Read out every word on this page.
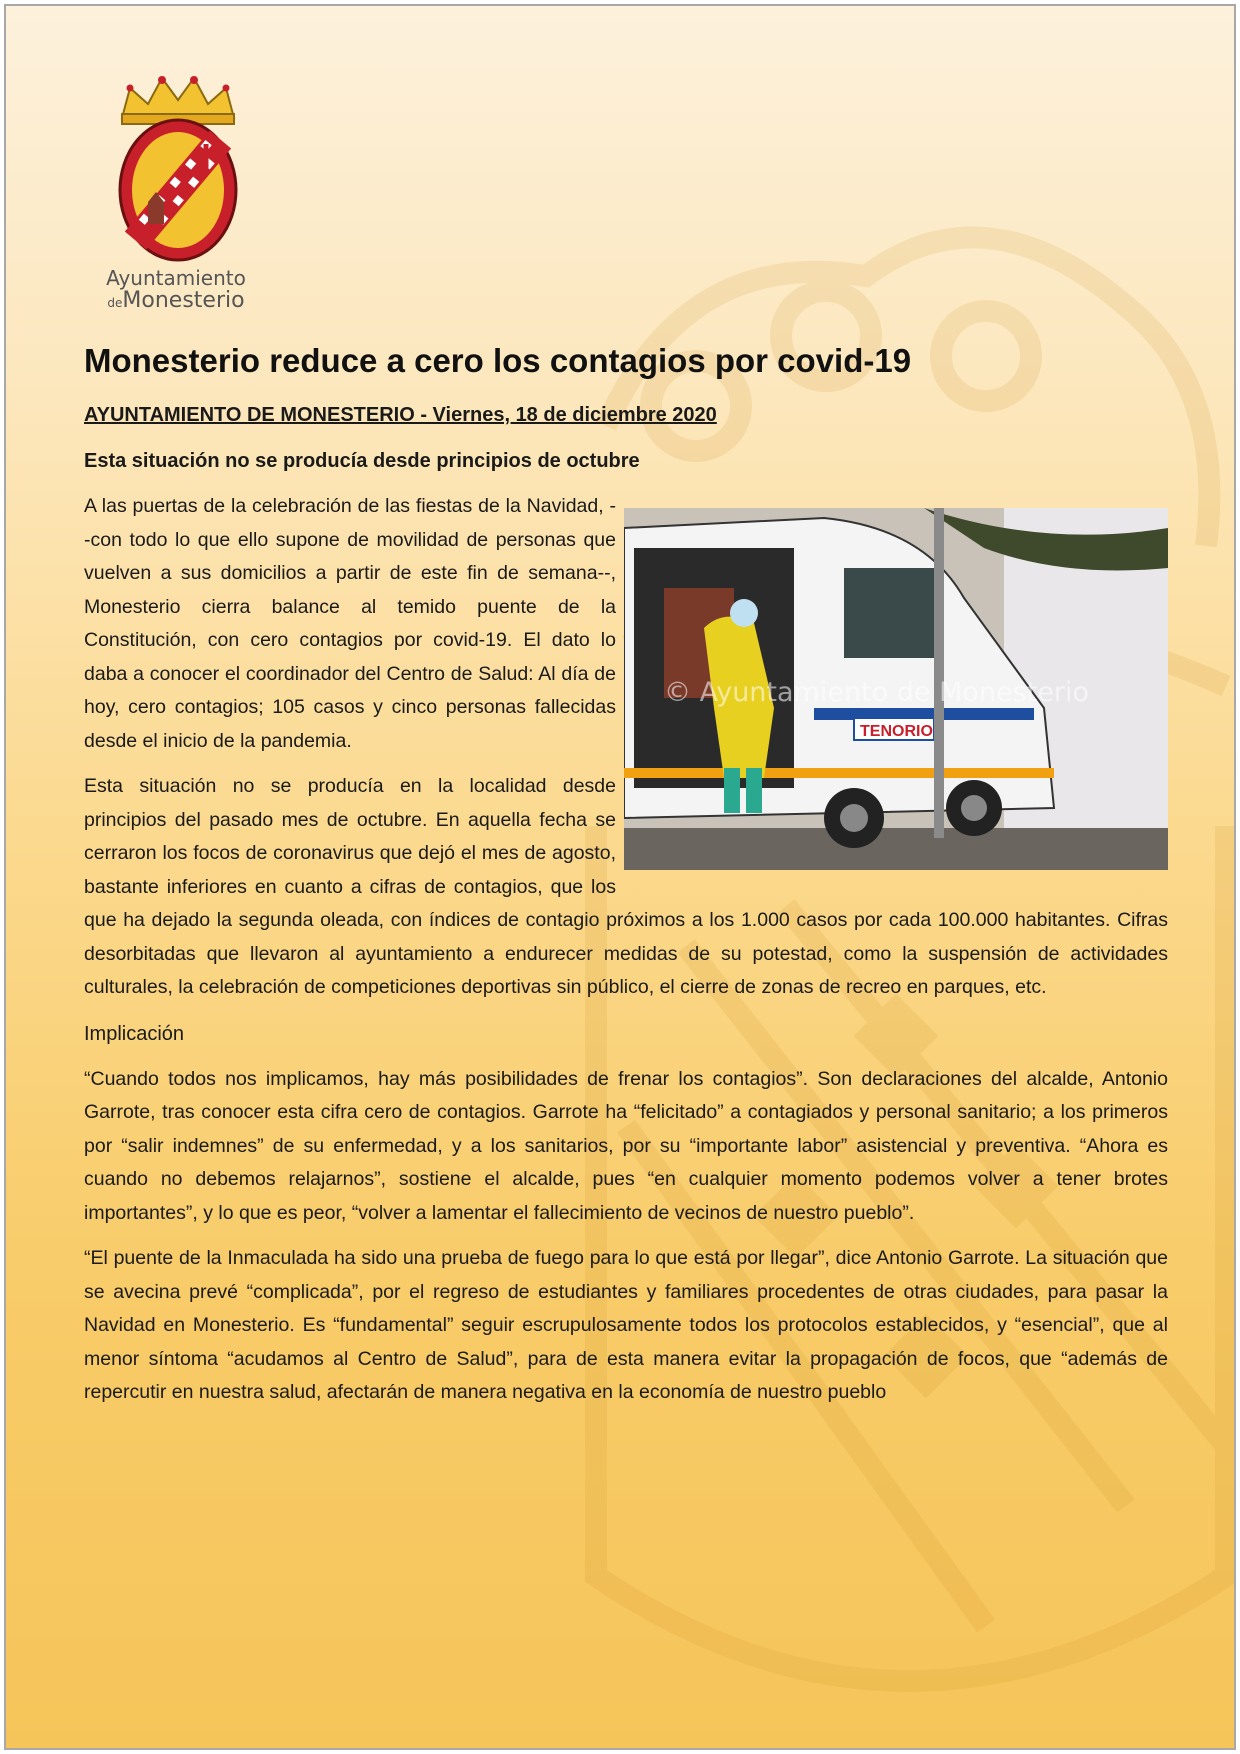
Ayuntamiento
deMonesterio
Monesterio reduce a cero los contagios por covid-19
AYUNTAMIENTO DE MONESTERIO - Viernes, 18 de diciembre 2020
Esta situación no se producía desde principios de octubre
TENORIO
© Ayuntamiento de Monesterio

A las puertas de la celebración de las fiestas de la Navidad, --con todo lo que ello supone de movilidad de personas que vuelven a sus domicilios a partir de este fin de semana--, Monesterio cierra balance al temido puente de la Constitución, con cero contagios por covid-19. El dato lo daba a conocer el coordinador del Centro de Salud: Al día de hoy, cero contagios; 105 casos y cinco personas fallecidas desde el inicio de la pandemia.

Esta situación no se producía en la localidad desde principios del pasado mes de octubre. En aquella fecha se cerraron los focos de coronavirus que dejó el mes de agosto, bastante inferiores en cuanto a cifras de contagios, que los que ha dejado la segunda oleada, con índices de contagio próximos a los 1.000 casos por cada 100.000 habitantes. Cifras desorbitadas que llevaron al ayuntamiento a endurecer medidas de su potestad, como la suspensión de actividades culturales, la celebración de competiciones deportivas sin público, el cierre de zonas de recreo en parques, etc.

Implicación

“Cuando todos nos implicamos, hay más posibilidades de frenar los contagios”. Son declaraciones del alcalde, Antonio Garrote, tras conocer esta cifra cero de contagios. Garrote ha “felicitado” a contagiados y personal sanitario; a los primeros por “salir indemnes” de su enfermedad, y a los sanitarios, por su “importante labor” asistencial y preventiva. “Ahora es cuando no debemos relajarnos”, sostiene el alcalde, pues “en cualquier momento podemos volver a tener brotes importantes”, y lo que es peor, “volver a lamentar el fallecimiento de vecinos de nuestro pueblo”.

“El puente de la Inmaculada ha sido una prueba de fuego para lo que está por llegar”, dice Antonio Garrote. La situación que se avecina prevé “complicada”, por el regreso de estudiantes y familiares procedentes de otras ciudades, para pasar la Navidad en Monesterio. Es “fundamental” seguir escrupulosamente todos los protocolos establecidos, y “esencial”, que al menor síntoma “acudamos al Centro de Salud”, para de esta manera evitar la propagación de focos, que “además de repercutir en nuestra salud, afectarán de manera negativa en la economía de nuestro pueblo
